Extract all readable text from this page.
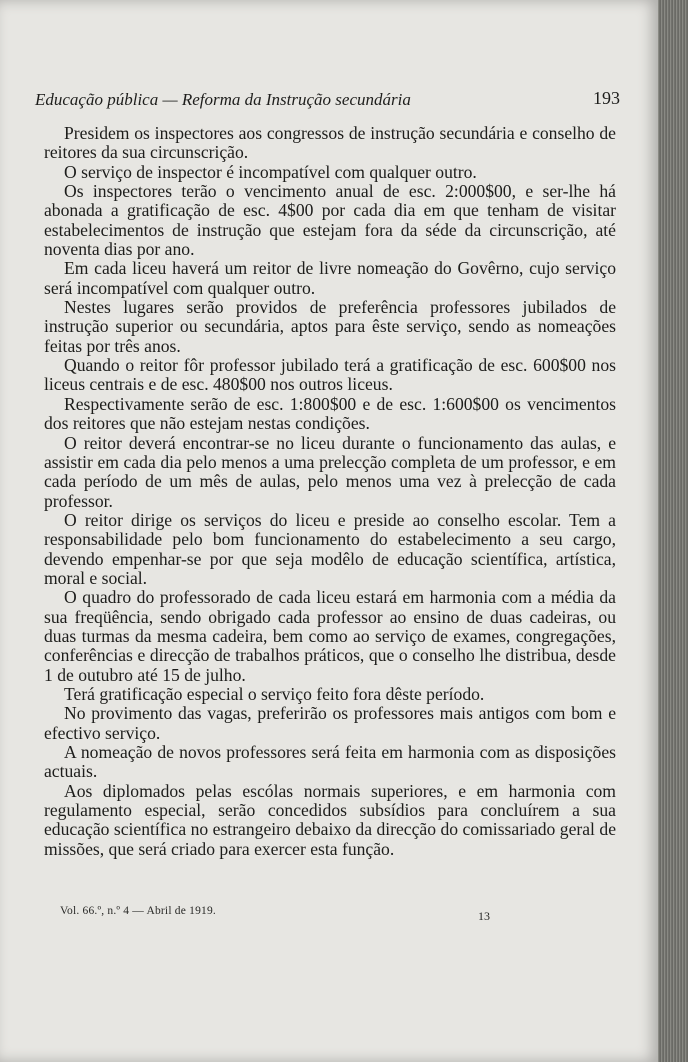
Educação pública — Reforma da Instrução secundária	193

Presidem os inspectores aos congressos de instrução secundária e conselho de reitores da sua circunscrição.

O serviço de inspector é incompatível com qualquer outro.

Os inspectores terão o vencimento anual de esc. 2:000$00, e ser-lhe há abonada a gratificação de esc. 4$00 por cada dia em que tenham de visitar estabelecimentos de instrução que estejam fora da séde da circunscrição, até noventa dias por ano.

Em cada liceu haverá um reitor de livre nomeação do Govêrno, cujo serviço será incompatível com qualquer outro.

Nestes lugares serão providos de preferência professores jubilados de instrução superior ou secundária, aptos para êste serviço, sendo as nomeações feitas por três anos.

Quando o reitor fôr professor jubilado terá a gratificação de esc. 600$00 nos liceus centrais e de esc. 480$00 nos outros liceus.

Respectivamente serão de esc. 1:800$00 e de esc. 1:600$00 os vencimentos dos reitores que não estejam nestas condições.

O reitor deverá encontrar-se no liceu durante o funcionamento das aulas, e assistir em cada dia pelo menos a uma prelecção completa de um professor, e em cada período de um mês de aulas, pelo menos uma vez à prelecção de cada professor.

O reitor dirige os serviços do liceu e preside ao conselho escolar. Tem a responsabilidade pelo bom funcionamento do estabelecimento a seu cargo, devendo empenhar-se por que seja modêlo de educação scientífica, artística, moral e social.

O quadro do professorado de cada liceu estará em harmonia com a média da sua freqüência, sendo obrigado cada professor ao ensino de duas cadeiras, ou duas turmas da mesma cadeira, bem como ao serviço de exames, congregações, conferências e direcção de trabalhos práticos, que o conselho lhe distribua, desde 1 de outubro até 15 de julho.

Terá gratificação especial o serviço feito fora dêste período.

No provimento das vagas, preferirão os professores mais antigos com bom e efectivo serviço.

A nomeação de novos professores será feita em harmonia com as disposições actuais.

Aos diplomados pelas escólas normais superiores, e em harmonia com regulamento especial, serão concedidos subsídios para concluírem a sua educação scientífica no estrangeiro debaixo da direcção do comissariado geral de missões, que será criado para exercer esta função.

Vol. 66.º, n.º 4 — Abril de 1919.	13
